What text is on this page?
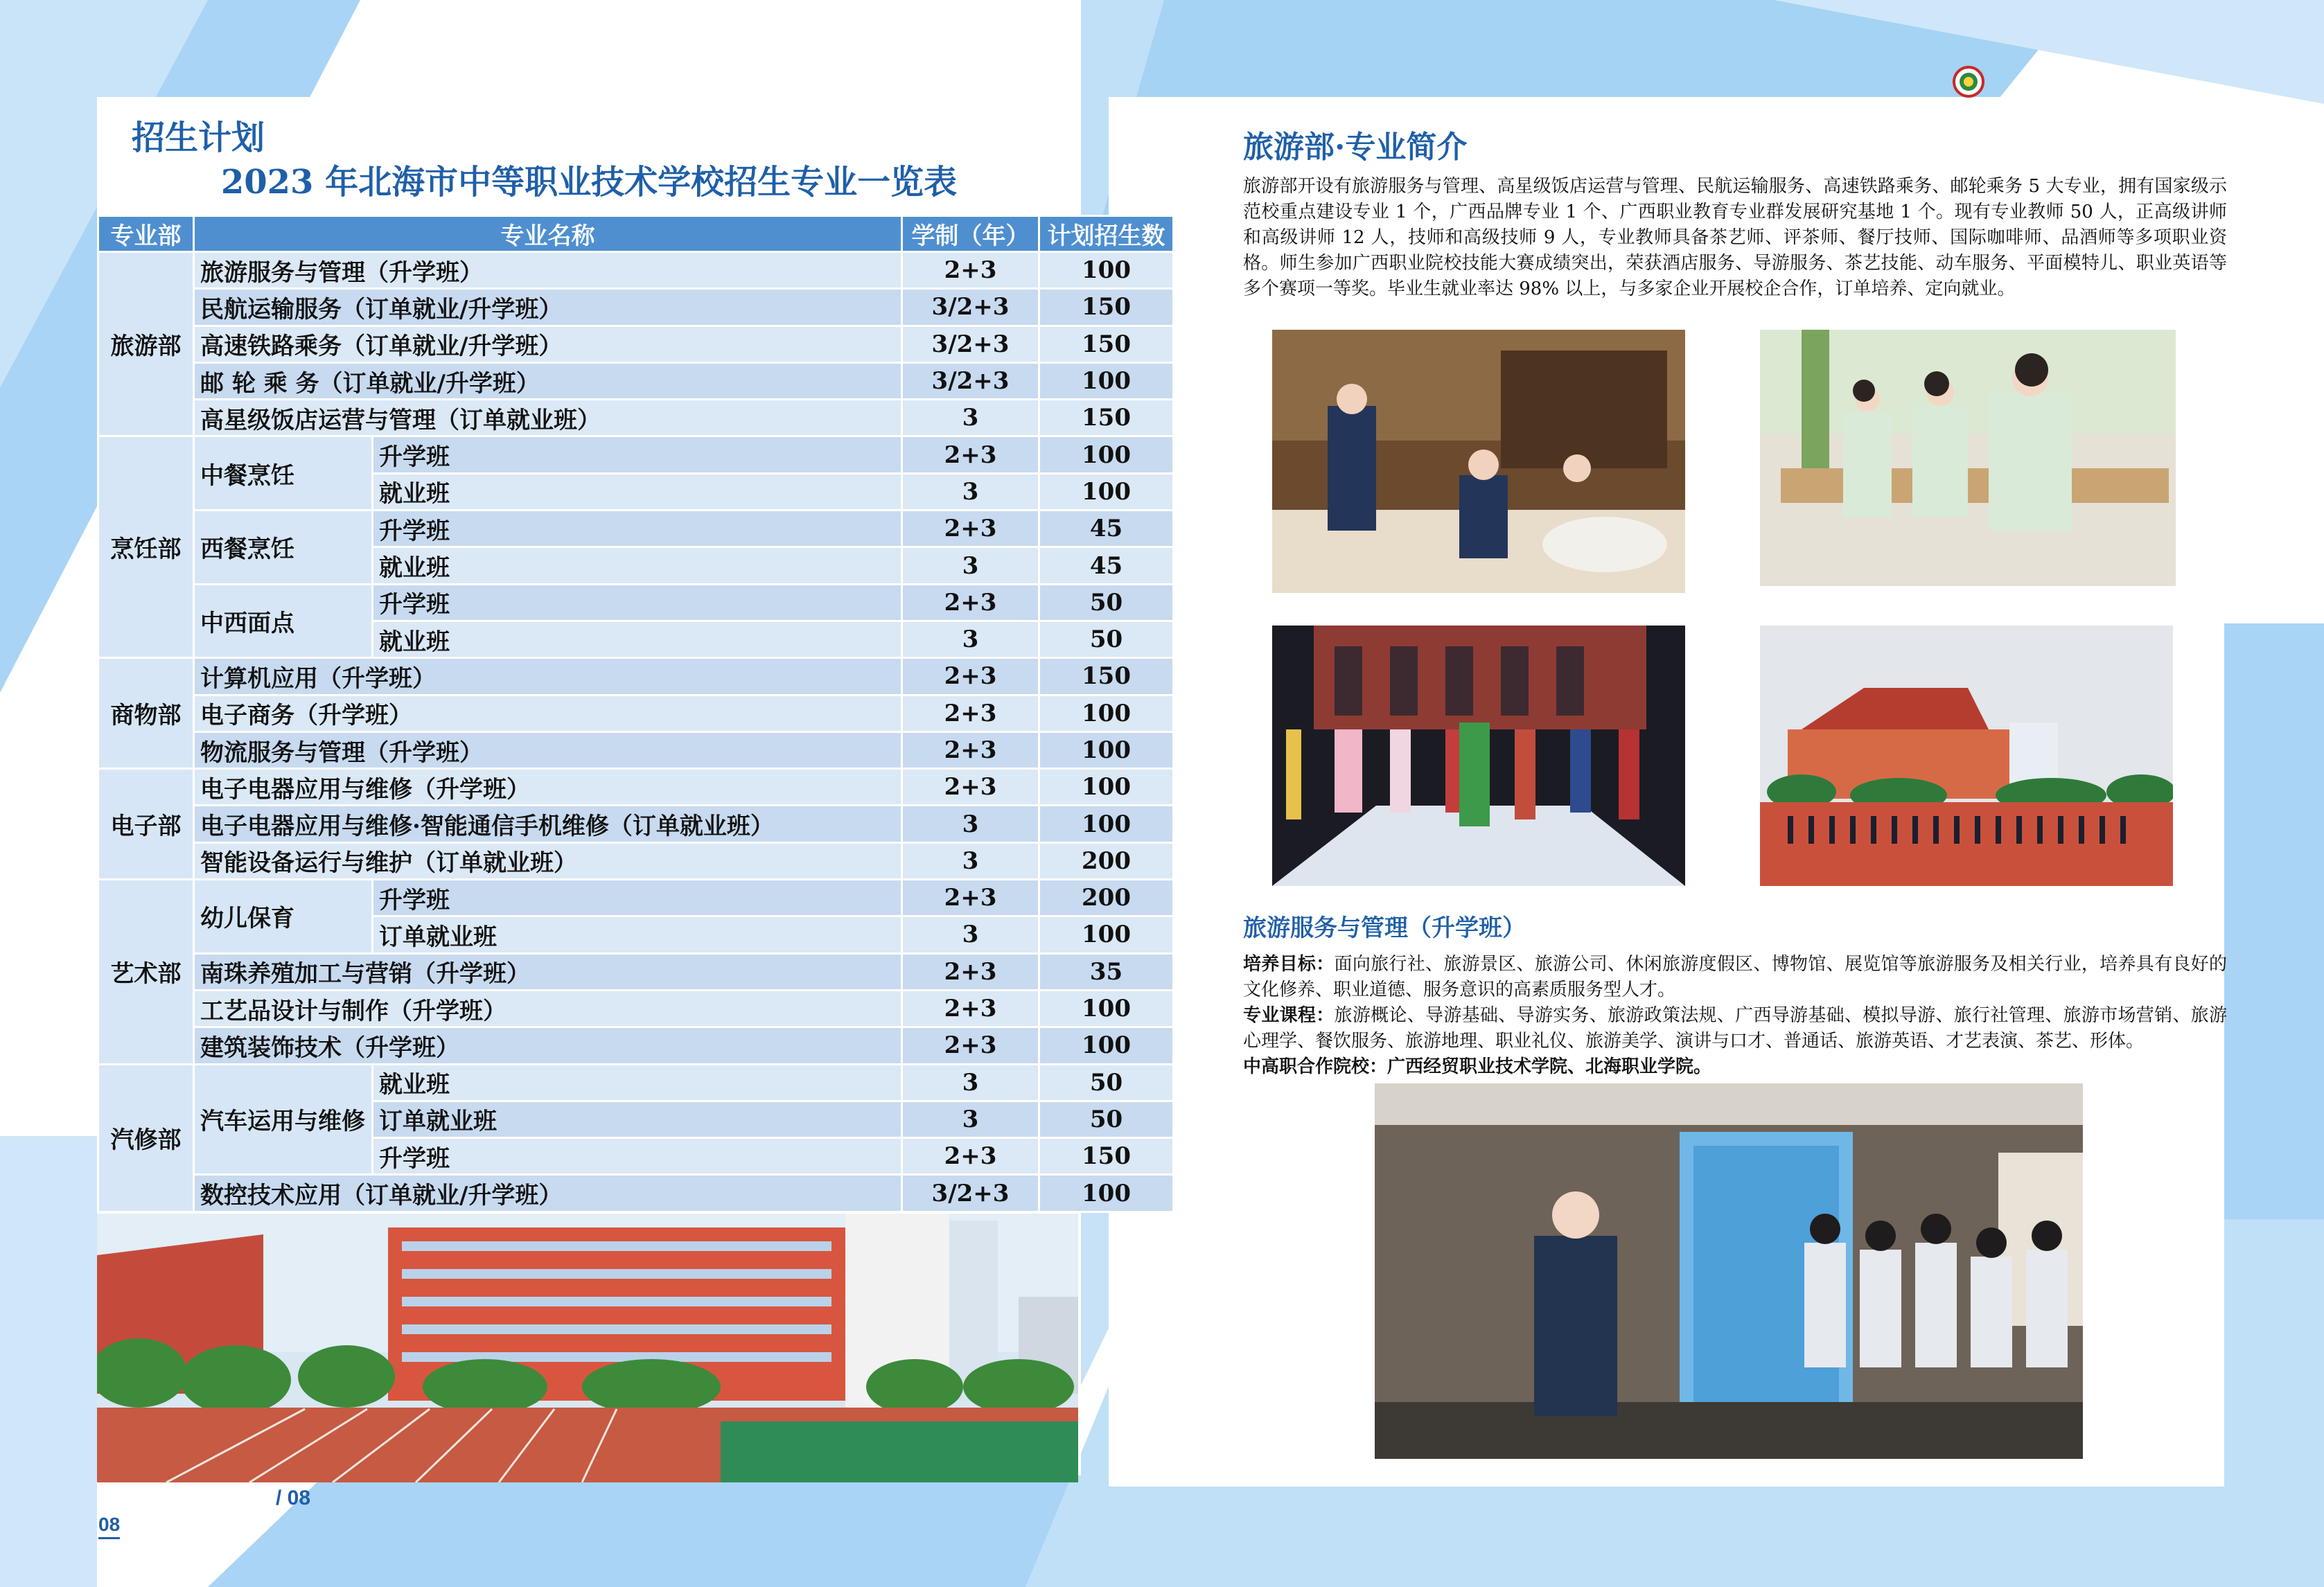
招生计划
2023 年北海市中等职业技术学校招生专业一览表
专业部	专业名称		学制（年）	计划招生数
旅游部	旅游服务与管理（升学班）		2+3	100
	民航运输服务（订单就业/升学班）		3/2+3	150
	高速铁路乘务（订单就业/升学班）		3/2+3	150
	邮 轮 乘 务（订单就业/升学班）		3/2+3	100
	高星级饭店运营与管理（订单就业班）		3	150
烹饪部	中餐烹饪	升学班	2+3	100
		就业班	3	100
	西餐烹饪	升学班	2+3	45
		就业班	3	45
	中西面点	升学班	2+3	50
		就业班	3	50
商物部	计算机应用（升学班）		2+3	150
	电子商务（升学班）		2+3	100
	物流服务与管理（升学班）		2+3	100
电子部	电子电器应用与维修（升学班）		2+3	100
	电子电器应用与维修·智能通信手机维修（订单就业班）		3	100
	智能设备运行与维护（订单就业班）		3	200
艺术部	幼儿保育	升学班	2+3	200
		订单就业班	3	100
	南珠养殖加工与营销（升学班）		2+3	35
	工艺品设计与制作（升学班）		2+3	100
	建筑装饰技术（升学班）		2+3	100
汽修部	汽车运用与维修	就业班	3	50
		订单就业班	3	50
		升学班	2+3	150
	数控技术应用（订单就业/升学班）		3/2+3	100
08
/ 08
旅游部·专业简介
旅游部开设有旅游服务与管理、高星级饭店运营与管理、民航运输服务、高速铁路乘务、邮轮乘务 5 大专业，拥有国家级示范校重点建设专业 1 个，广西品牌专业 1 个、广西职业教育专业群发展研究基地 1 个。现有专业教师 50 人，正高级讲师和高级讲师 12 人，技师和高级技师 9 人，专业教师具备茶艺师、评茶师、餐厅技师、国际咖啡师、品酒师等多项职业资格。师生参加广西职业院校技能大赛成绩突出，荣获酒店服务、导游服务、茶艺技能、动车服务、平面模特儿、职业英语等多个赛项一等奖。毕业生就业率达 98% 以上，与多家企业开展校企合作，订单培养、定向就业。
旅游服务与管理（升学班）
培养目标：面向旅行社、旅游景区、旅游公司、休闲旅游度假区、博物馆、展览馆等旅游服务及相关行业，培养具有良好的文化修养、职业道德、服务意识的高素质服务型人才。
专业课程：旅游概论、导游基础、导游实务、旅游政策法规、广西导游基础、模拟导游、旅行社管理、旅游市场营销、旅游心理学、餐饮服务、旅游地理、职业礼仪、旅游美学、演讲与口才、普通话、旅游英语、才艺表演、茶艺、形体。
中高职合作院校：广西经贸职业技术学院、北海职业学院。
